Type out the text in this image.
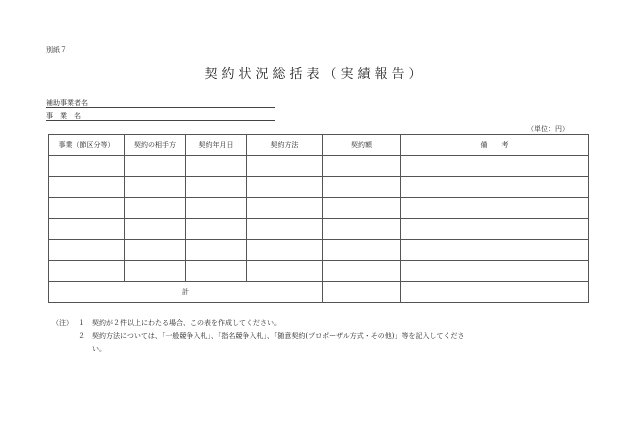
別紙７
契約状況総括表（実績報告）
補助事業者名
事　業　名
（単位：円）
事業（節区分等）	契約の相手方	契約年月日	契約方法	契約額	備　　考

計					
（注） １ 契約が２件以上にわたる場合、この表を作成してください。
２ 契約方法については、「一般競争入札」、「指名競争入札」、「随意契約(プロポーザル方式・その他)」等を記入してくださ
い。
